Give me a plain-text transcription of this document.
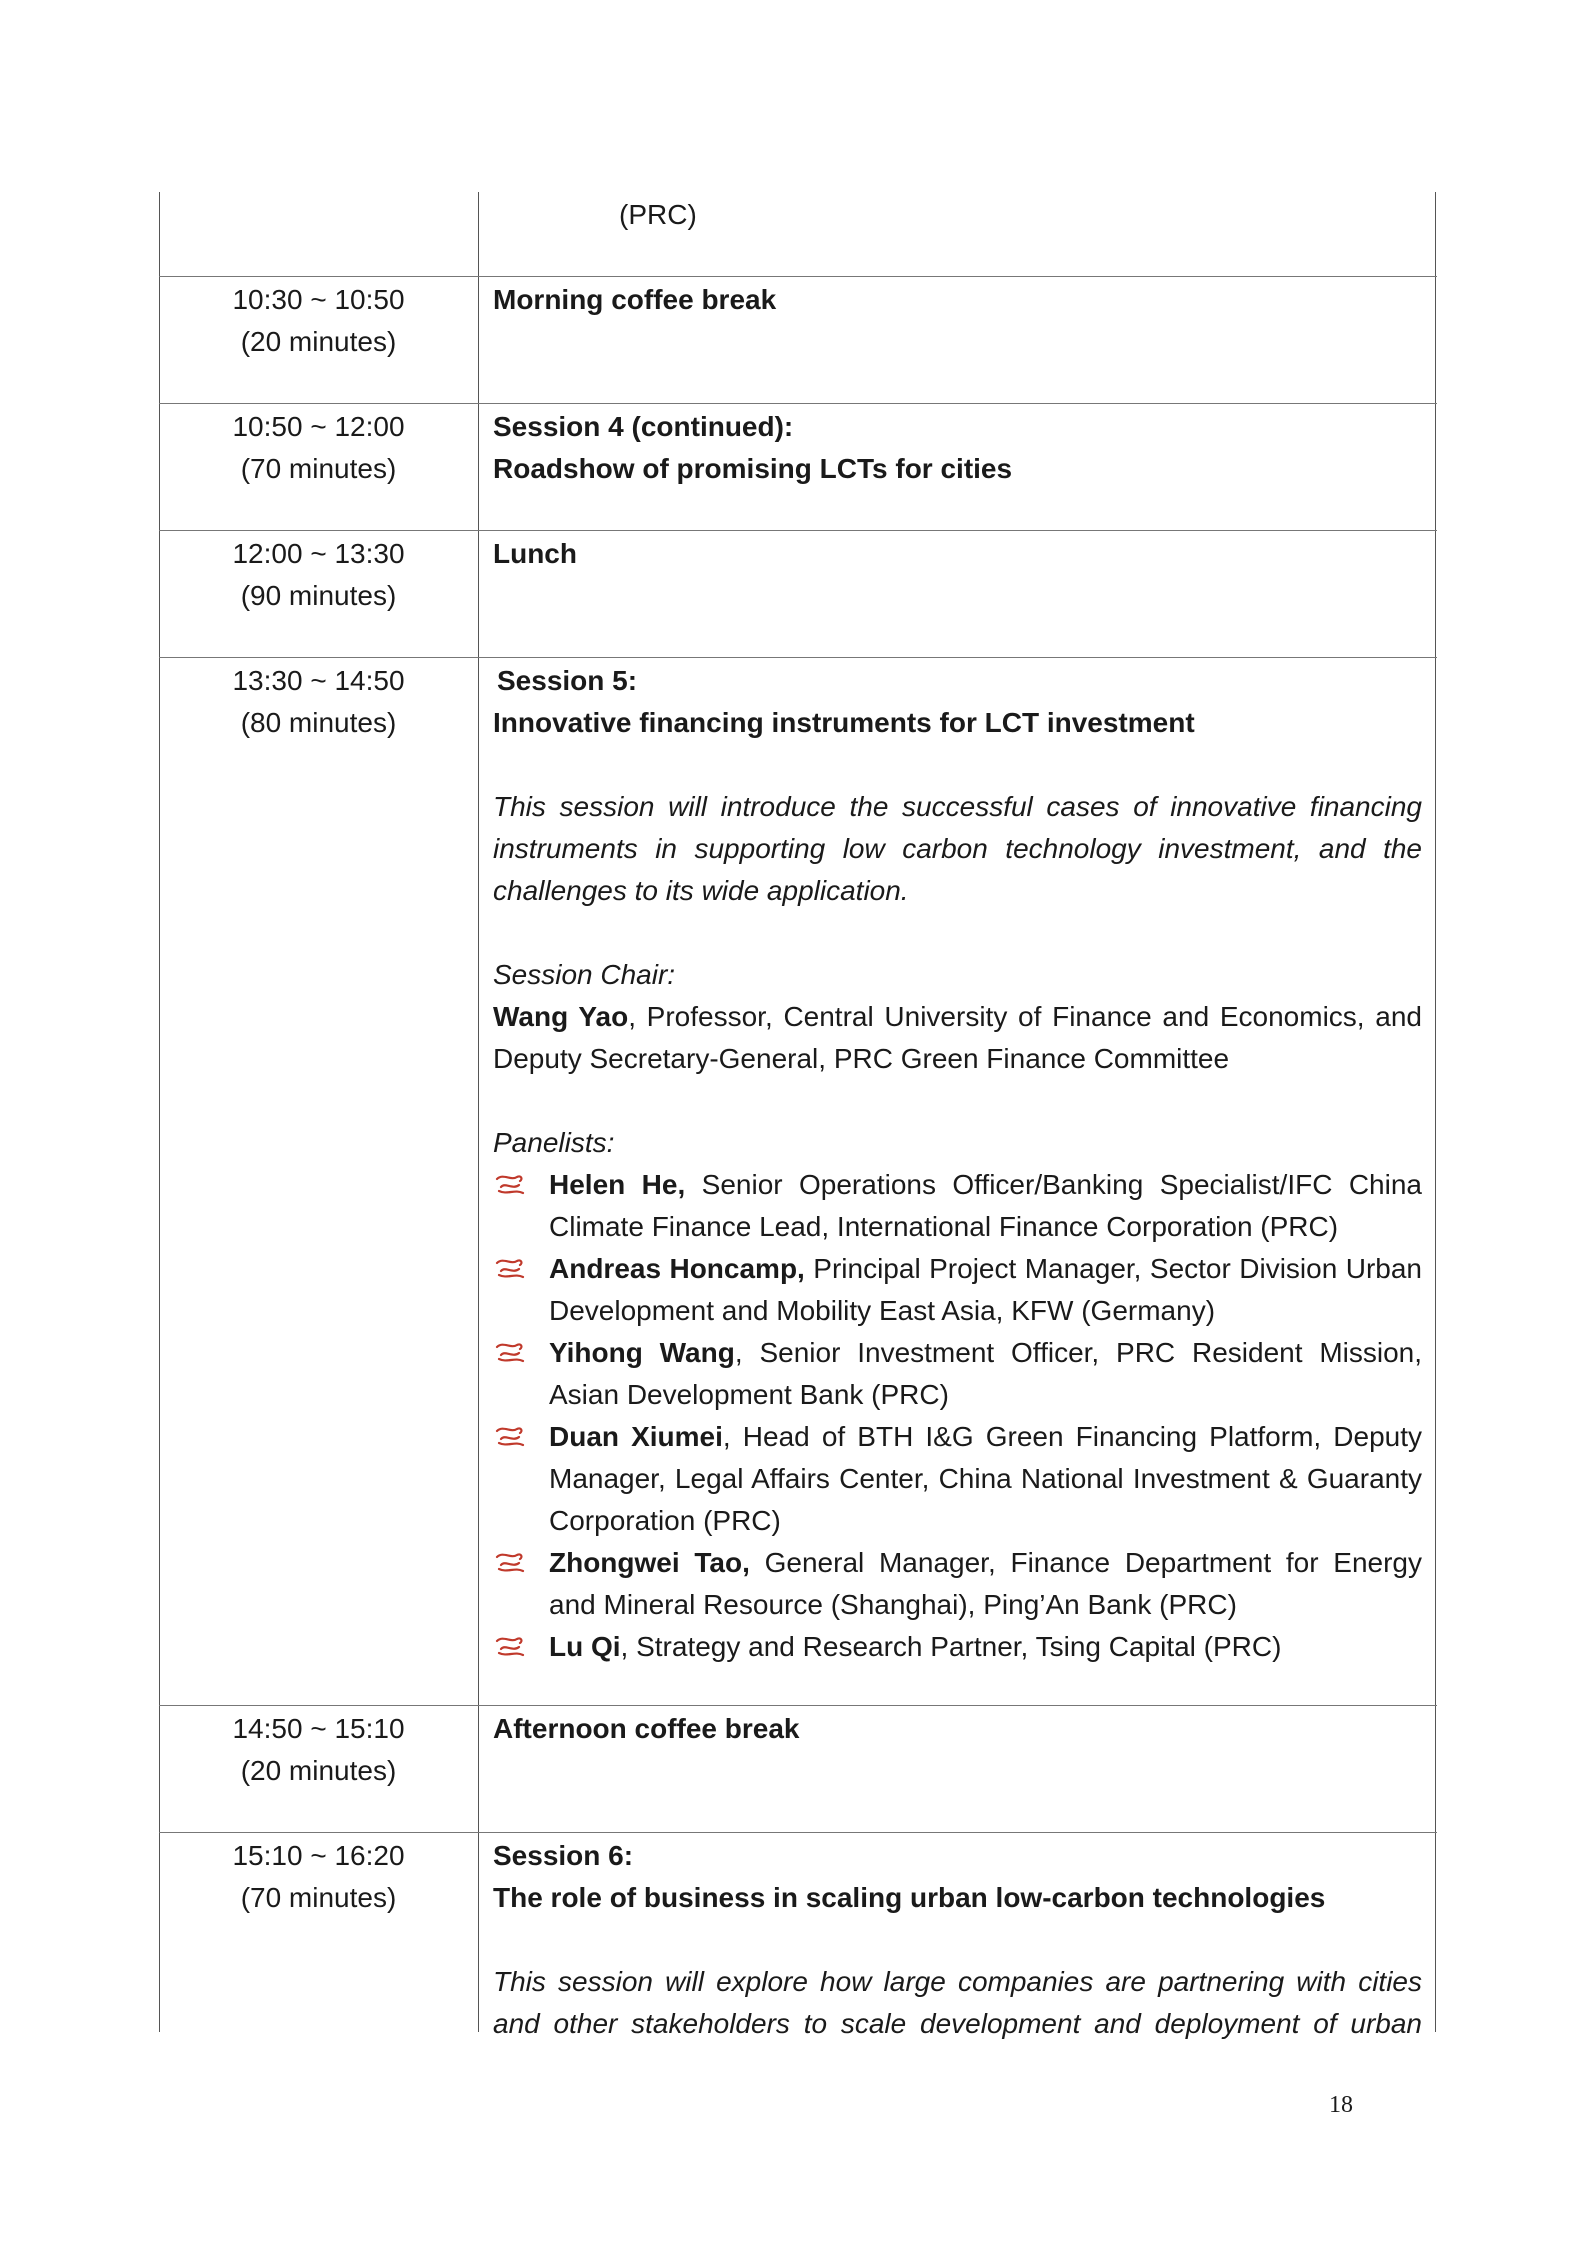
(PRC)
10:30 ~ 10:50
(20 minutes)
Morning coffee break
10:50 ~ 12:00
(70 minutes)
Session 4 (continued):
Roadshow of promising LCTs for cities
12:00 ~ 13:30
(90 minutes)
Lunch
13:30 ~ 14:50
(80 minutes)
Session 5:
Innovative financing instruments for LCT investment
This session will introduce the successful cases of innovative financing instruments in supporting low carbon technology investment, and the challenges to its wide application.
Session Chair:
Wang Yao, Professor, Central University of Finance and Economics, and Deputy Secretary-General, PRC Green Finance Committee
Panelists:
Helen He, Senior Operations Officer/Banking Specialist/IFC China Climate Finance Lead, International Finance Corporation (PRC)
Andreas Honcamp, Principal Project Manager, Sector Division Urban Development and Mobility East Asia, KFW (Germany)
Yihong Wang, Senior Investment Officer, PRC Resident Mission, Asian Development Bank (PRC)
Duan Xiumei, Head of BTH I&G Green Financing Platform, Deputy Manager, Legal Affairs Center, China National Investment & Guaranty Corporation (PRC)
Zhongwei Tao, General Manager, Finance Department for Energy and Mineral Resource (Shanghai), Ping’An Bank (PRC)
Lu Qi, Strategy and Research Partner, Tsing Capital (PRC)
14:50 ~ 15:10
(20 minutes)
Afternoon coffee break
15:10 ~ 16:20
(70 minutes)
Session 6:
The role of business in scaling urban low-carbon technologies
This session will explore how large companies are partnering with cities and other stakeholders to scale development and deployment of urban
18
